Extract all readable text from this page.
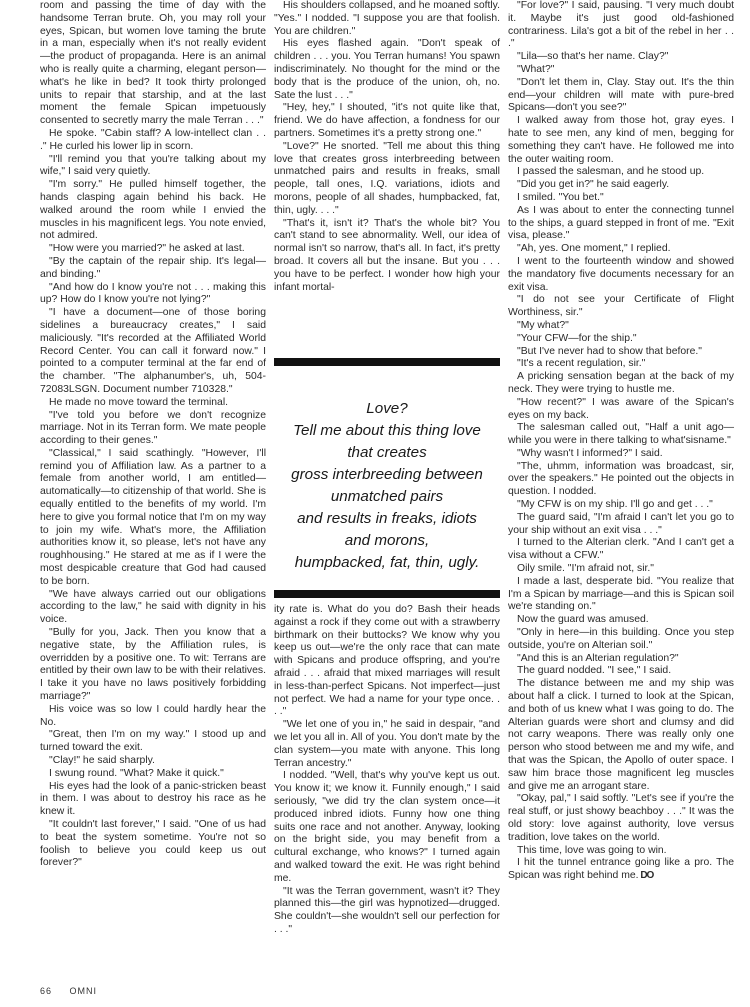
room and passing the time of day with the handsome Terran brute. Oh, you may roll your eyes, Spican, but women love taming the brute in a man, especially when it's not really evident—the product of propaganda. Here is an animal who is really quite a charming, elegant person—what's he like in bed? It took thirty prolonged units to repair that starship, and at the last moment the female Spican impetuously consented to secretly marry the male Terran . . ."

He spoke. "Cabin staff? A low-intellect clan . . ." He curled his lower lip in scorn.

"I'll remind you that you're talking about my wife," I said very quietly.

"I'm sorry." He pulled himself together, the hands clasping again behind his back. He walked around the room while I envied the muscles in his magnificent legs. You note envied, not admired.

"How were you married?" he asked at last.

"By the captain of the repair ship. It's legal—and binding."

"And how do I know you're not . . . making this up? How do I know you're not lying?"

"I have a document—one of those boring sidelines a bureaucracy creates," I said maliciously. "It's recorded at the Affiliated World Record Center. You can call it forward now." I pointed to a computer terminal at the far end of the chamber. "The alphanumber's, uh, 504-72083LSGN. Document number 710328."

He made no move toward the terminal.

"I've told you before we don't recognize marriage. Not in its Terran form. We mate people according to their genes."

"Classical," I said scathingly. "However, I'll remind you of Affiliation law. As a partner to a female from another world, I am entitled—automatically—to citizenship of that world. She is equally entitled to the benefits of my world. I'm here to give you formal notice that I'm on my way to join my wife. What's more, the Affiliation authorities know it, so please, let's not have any roughhousing." He stared at me as if I were the most despicable creature that God had caused to be born.

"We have always carried out our obligations according to the law," he said with dignity in his voice.

"Bully for you, Jack. Then you know that a negative state, by the Affiliation rules, is overridden by a positive one. To wit: Terrans are entitled by their own law to be with their relatives. I take it you have no laws positively forbidding marriage?"

His voice was so low I could hardly hear the No.

"Great, then I'm on my way." I stood up and turned toward the exit.

"Clay!" he said sharply.

I swung round. "What? Make it quick."

His eyes had the look of a panic-stricken beast in them. I was about to destroy his race as he knew it.

"It couldn't last forever," I said. "One of us had to beat the system sometime. You're not so foolish to believe you could keep us out forever?"

His shoulders collapsed, and he moaned softly. "Yes." I nodded. "I suppose you are that foolish. You are children."

His eyes flashed again. "Don't speak of children . . . you. You Terran humans! You spawn indiscriminately. No thought for the mind or the body that is the produce of the union, oh, no. Sate the lust . . ."

"Hey, hey," I shouted, "it's not quite like that, friend. We do have affection, a fondness for our partners. Sometimes it's a pretty strong one."

"Love?" He snorted. "Tell me about this thing love that creates gross interbreeding between unmatched pairs and results in freaks, small people, tall ones, I.Q. variations, idiots and morons, people of all shades, humpbacked, fat, thin, ugly. . . ."

"That's it, isn't it? That's the whole bit? You can't stand to see abnormality. Well, our idea of normal isn't so narrow, that's all. In fact, it's pretty broad. It covers all but the insane. But you . . . you have to be perfect. I wonder how high your infant mortal-

Love?
Tell me about this thing love
that creates
gross interbreeding between
unmatched pairs
and results in freaks, idiots
and morons,
humpbacked, fat, thin, ugly.

ity rate is. What do you do? Bash their heads against a rock if they come out with a strawberry birthmark on their buttocks? We know why you keep us out—we're the only race that can mate with Spicans and produce offspring, and you're afraid . . . afraid that mixed marriages will result in less-than-perfect Spicans. Not imperfect—just not perfect. We had a name for your type once. . . ."

"We let one of you in," he said in despair, "and we let you all in. All of you. You don't mate by the clan system—you mate with anyone. This long Terran ancestry."

I nodded. "Well, that's why you've kept us out. You know it; we know it. Funnily enough," I said seriously, "we did try the clan system once—it produced inbred idiots. Funny how one thing suits one race and not another. Anyway, looking on the bright side, you may benefit from a cultural exchange, who knows?" I turned again and walked toward the exit. He was right behind me.

"It was the Terran government, wasn't it? They planned this—the girl was hypnotized—drugged. She couldn't—she wouldn't sell our perfection for . . ."

"For love?" I said, pausing. "I very much doubt it. Maybe it's just good old-fashioned contrariness. Lila's got a bit of the rebel in her . . ."

"Lila—so that's her name. Clay?"

"What?"

"Don't let them in, Clay. Stay out. It's the thin end—your children will mate with pure-bred Spicans—don't you see?"

I walked away from those hot, gray eyes. I hate to see men, any kind of men, begging for something they can't have. He followed me into the outer waiting room.

I passed the salesman, and he stood up.

"Did you get in?" he said eagerly.

I smiled. "You bet."

As I was about to enter the connecting tunnel to the ships, a guard stepped in front of me. "Exit visa, please."

"Ah, yes. One moment," I replied.

I went to the fourteenth window and showed the mandatory five documents necessary for an exit visa.

"I do not see your Certificate of Flight Worthiness, sir."

"My what?"

"Your CFW—for the ship."

"But I've never had to show that before."

"It's a recent regulation, sir."

A pricking sensation began at the back of my neck. They were trying to hustle me.

"How recent?" I was aware of the Spican's eyes on my back.

The salesman called out, "Half a unit ago—while you were in there talking to what'sisname."

"Why wasn't I informed?" I said.

"The, uhmm, information was broadcast, sir, over the speakers." He pointed out the objects in question. I nodded.

"My CFW is on my ship. I'll go and get . . ."

The guard said, "I'm afraid I can't let you go to your ship without an exit visa . . ."

I turned to the Alterian clerk. "And I can't get a visa without a CFW."

Oily smile. "I'm afraid not, sir."

I made a last, desperate bid. "You realize that I'm a Spican by marriage—and this is Spican soil we're standing on."

Now the guard was amused.

"Only in here—in this building. Once you step outside, you're on Alterian soil."

"And this is an Alterian regulation?"

The guard nodded. "I see," I said.

The distance between me and my ship was about half a click. I turned to look at the Spican, and both of us knew what I was going to do. The Alterian guards were short and clumsy and did not carry weapons. There was really only one person who stood between me and my wife, and that was the Spican, the Apollo of outer space. I saw him brace those magnificent leg muscles and give me an arrogant stare.

"Okay, pal," I said softly. "Let's see if you're the real stuff, or just showy beachboy . . ." It was the old story: love against authority, love versus tradition, love takes on the world.

This time, love was going to win.

I hit the tunnel entrance going like a pro. The Spican was right behind me. DO

66 OMNI
